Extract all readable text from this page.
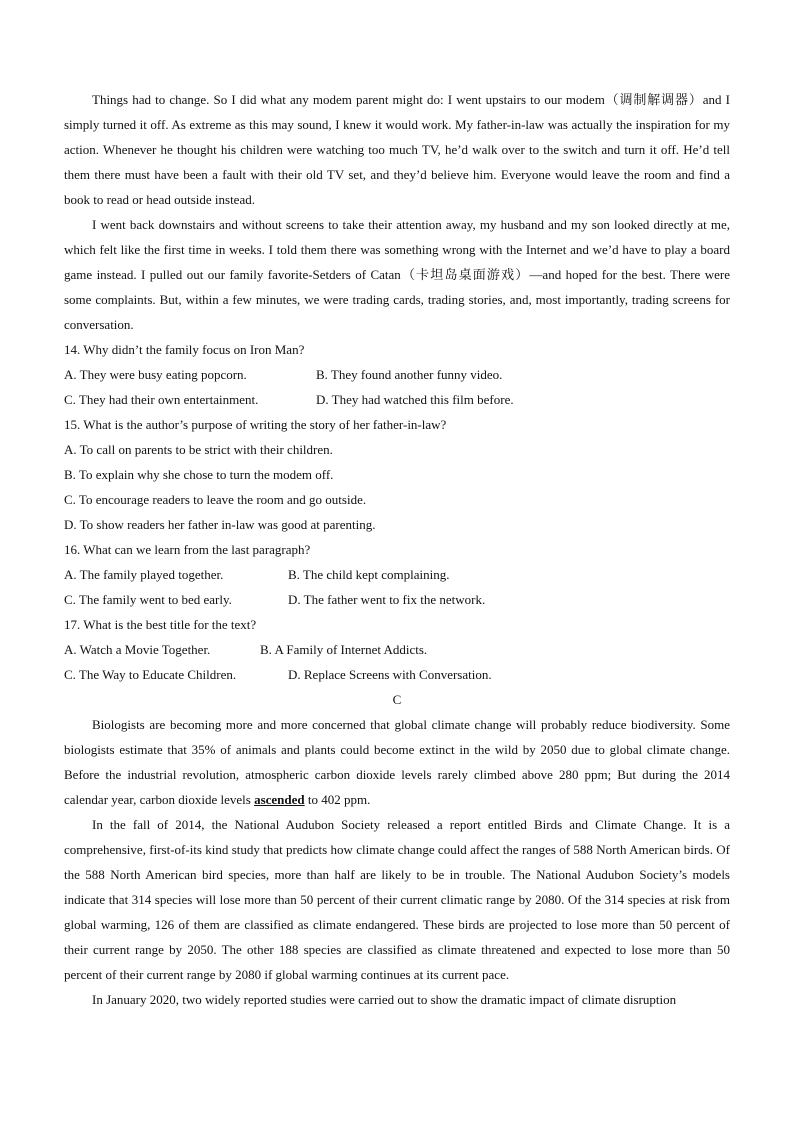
Things had to change. So I did what any modem parent might do: I went upstairs to our modem（调制解调器）and I simply turned it off. As extreme as this may sound, I knew it would work. My father-in-law was actually the inspiration for my action. Whenever he thought his children were watching too much TV, he’d walk over to the switch and turn it off. He’d tell them there must have been a fault with their old TV set, and they’d believe him. Everyone would leave the room and find a book to read or head outside instead.

I went back downstairs and without screens to take their attention away, my husband and my son looked directly at me, which felt like the first time in weeks. I told them there was something wrong with the Internet and we’d have to play a board game instead. I pulled out our family favorite-Setders of Catan（卡坦岛桌面游戏）—and hoped for the best. There were some complaints. But, within a few minutes, we were trading cards, trading stories, and, most importantly, trading screens for conversation.

14. Why didn’t the family focus on Iron Man?

A. They were busy eating popcorn.	B. They found another funny video.
C. They had their own entertainment.	D. They had watched this film before.

15. What is the author’s purpose of writing the story of her father-in-law?

A. To call on parents to be strict with their children.

B. To explain why she chose to turn the modem off.

C. To encourage readers to leave the room and go outside.

D. To show readers her father in-law was good at parenting.

16. What can we learn from the last paragraph?

A. The family played together.	B. The child kept complaining.
C. The family went to bed early.	D. The father went to fix the network.

17. What is the best title for the text?

A. Watch a Movie Together.	B. A Family of Internet Addicts.
C. The Way to Educate Children.	D. Replace Screens with Conversation.

C

Biologists are becoming more and more concerned that global climate change will probably reduce biodiversity. Some biologists estimate that 35% of animals and plants could become extinct in the wild by 2050 due to global climate change. Before the industrial revolution, atmospheric carbon dioxide levels rarely climbed above 280 ppm; But during the 2014 calendar year, carbon dioxide levels ascended to 402 ppm.

In the fall of 2014, the National Audubon Society released a report entitled Birds and Climate Change. It is a comprehensive, first-of-its kind study that predicts how climate change could affect the ranges of 588 North American birds. Of the 588 North American bird species, more than half are likely to be in trouble. The National Audubon Society’s models indicate that 314 species will lose more than 50 percent of their current climatic range by 2080. Of the 314 species at risk from global warming, 126 of them are classified as climate endangered. These birds are projected to lose more than 50 percent of their current range by 2050. The other 188 species are classified as climate threatened and expected to lose more than 50 percent of their current range by 2080 if global warming continues at its current pace.

In January 2020, two widely reported studies were carried out to show the dramatic impact of climate disruption
